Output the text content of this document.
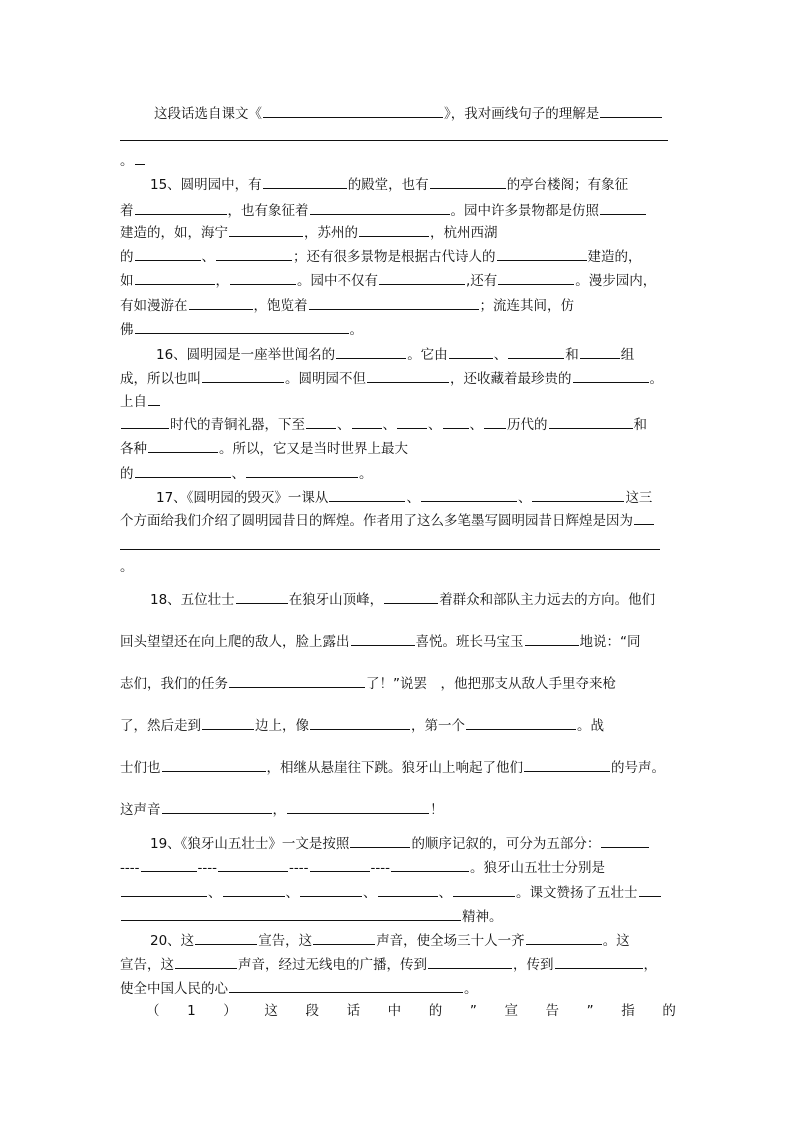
这段话选自课文《	》，我对画线句子的理解是
。
15、圆明园中，有	的殿堂，也有	的亭台楼阁；有象征
着	，也有象征着	。园中许多景物都是仿照
建造的，如，海宁	，苏州的	，杭州西湖
的	、	；还有很多景物是根据古代诗人的	建造的，
如	，	。园中不仅有	,还有	。漫步园内，
有如漫游在	，饱览着	；流连其间，仿
佛	。
16、圆明园是一座举世闻名的	。它由	、	和	组
成，所以也叫	。圆明园不但	，还收藏着最珍贵的	。
上自
时代的青铜礼器，下至 、 、 、 、 历代的	和
各种	。所以，它又是当时世界上最大
的	、	。
17、《圆明园的毁灭》一课从	、	、	这三
个方面给我们介绍了圆明园昔日的辉煌。作者用了这么多笔墨写圆明园昔日辉煌是因为
。
18、五位壮士	在狼牙山顶峰，	着群众和部队主力远去的方向。他们
回头望望还在向上爬的敌人，脸上露出	喜悦。班长马宝玉	地说：“同
志们，我们的任务	了！”说罢　，他把那支从敌人手里夺来枪
了，然后走到	边上，像	，第一个	。战
士们也	，相继从悬崖往下跳。狼牙山上响起了他们	的号声。
这声音	，	！
19、《狼牙山五壮士》一文是按照	的顺序记叙的，可分为五部分：
----	----	----	----	。狼牙山五壮士分别是
、	、	、	、	。课文赞扬了五壮士
精神。
20、这	宣告，这	声音，使全场三十人一齐	。这
宣告，这	声音，经过无线电的广播，传到	，传到	，
使全中国人民的心	。
（ 1 ） 这 段 话 中 的 ” 宣 告 ” 指 的
